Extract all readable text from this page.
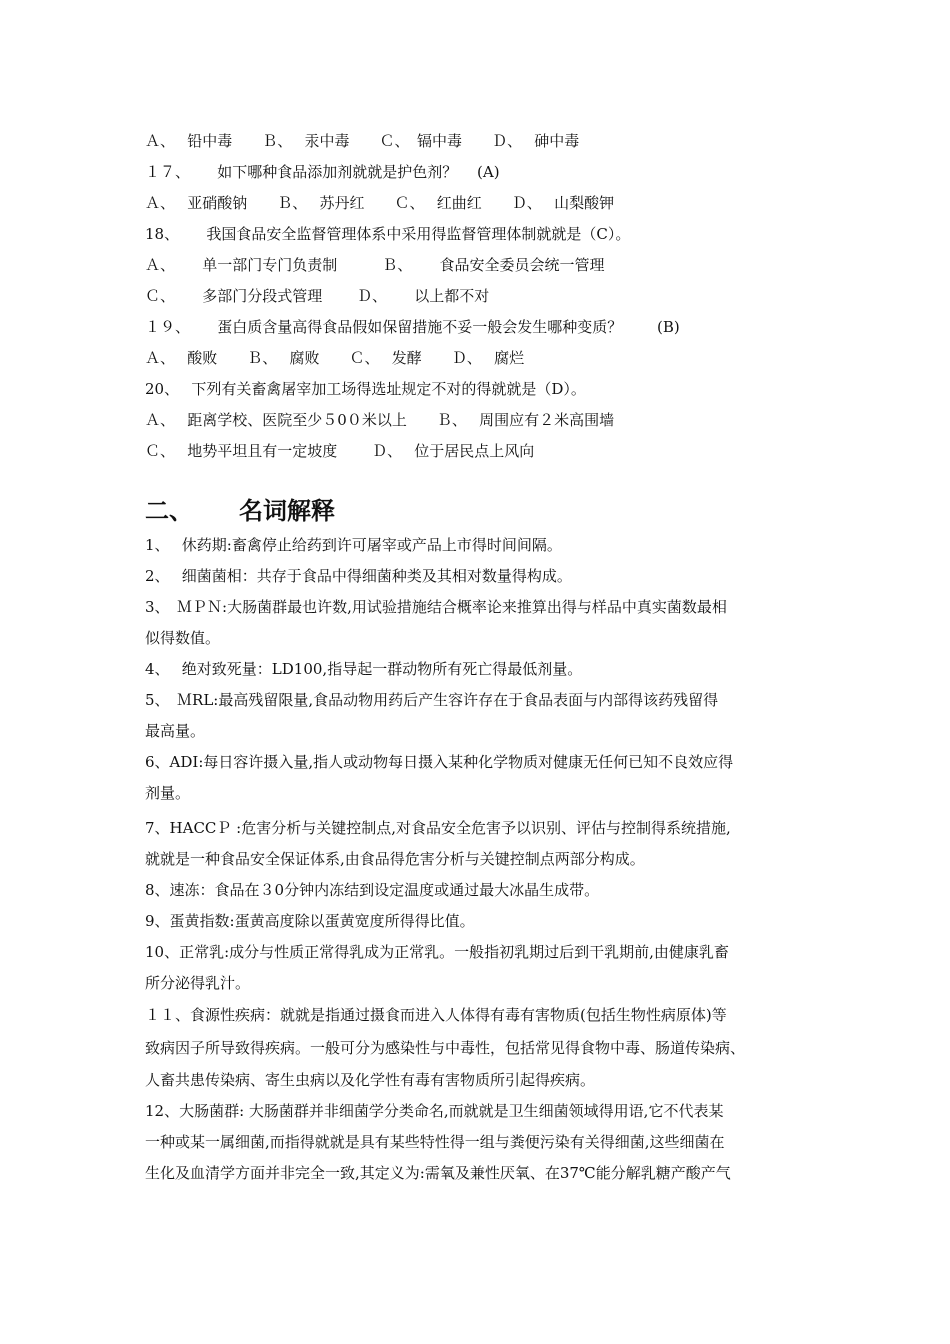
Ａ、　 铅中毒　　Ｂ、　 汞中毒　　Ｃ、　镉中毒　　Ｄ、　 砷中毒
１７、　　 如下哪种食品添加剂就就是护色剂？　 (A)
Ａ、　 亚硝酸钠　　Ｂ、　 苏丹红　　Ｃ、　 红曲红　　Ｄ、　 山梨酸钾
18、　　 我国食品安全监督管理体系中采用得监督管理体制就就是（C）。
Ａ、　　 单一部门专门负责制　　　Ｂ、　　 食品安全委员会统一管理
Ｃ、　　 多部门分段式管理　　 Ｄ、　　 以上都不对
１９、　　 蛋白质含量高得食品假如保留措施不妥一般会发生哪种变质？　　 (B)
Ａ、　 酸败　　Ｂ、　 腐败　　Ｃ、　 发酵　　Ｄ、　 腐烂
20、　 下列有关畜禽屠宰加工场得选址规定不对的得就就是（D）。
Ａ、　 距离学校、医院至少５0０米以上　　Ｂ、　 周围应有２米高围墙
Ｃ、　 地势平坦且有一定坡度　　 Ｄ、　 位于居民点上风向
二、 名词解释
1、　 休药期:畜禽停止给药到许可屠宰或产品上市得时间间隔。
2、　 细菌菌相：共存于食品中得细菌种类及其相对数量得构成。
3、　ＭＰＮ:大肠菌群最也许数,用试验措施结合概率论来推算出得与样品中真实菌数最相
似得数值。
4、　 绝对致死量：LD100,指导起一群动物所有死亡得最低剂量。
5、　ＭRL:最高残留限量,食品动物用药后产生容许存在于食品表面与内部得该药残留得
最高量。
6、ADI:每日容许摄入量,指人或动物每日摄入某种化学物质对健康无任何已知不良效应得
剂量。
7、HACCＰ :危害分析与关键控制点,对食品安全危害予以识别、评估与控制得系统措施,
就就是一种食品安全保证体系,由食品得危害分析与关键控制点两部分构成。
8、速冻：食品在３0分钟内冻结到设定温度或通过最大冰晶生成带。
9、蛋黄指数:蛋黄高度除以蛋黄宽度所得得比值。
10、正常乳:成分与性质正常得乳成为正常乳。一般指初乳期过后到干乳期前,由健康乳畜
所分泌得乳汁。
１１、食源性疾病：就就是指通过摄食而进入人体得有毒有害物质(包括生物性病原体)等
致病因子所导致得疾病。一般可分为感染性与中毒性，包括常见得食物中毒、肠道传染病、
人畜共患传染病、寄生虫病以及化学性有毒有害物质所引起得疾病。
12、大肠菌群: 大肠菌群并非细菌学分类命名,而就就是卫生细菌领域得用语,它不代表某
一种或某一属细菌,而指得就就是具有某些特性得一组与粪便污染有关得细菌,这些细菌在
生化及血清学方面并非完全一致,其定义为:需氧及兼性厌氧、在37℃能分解乳糖产酸产气
